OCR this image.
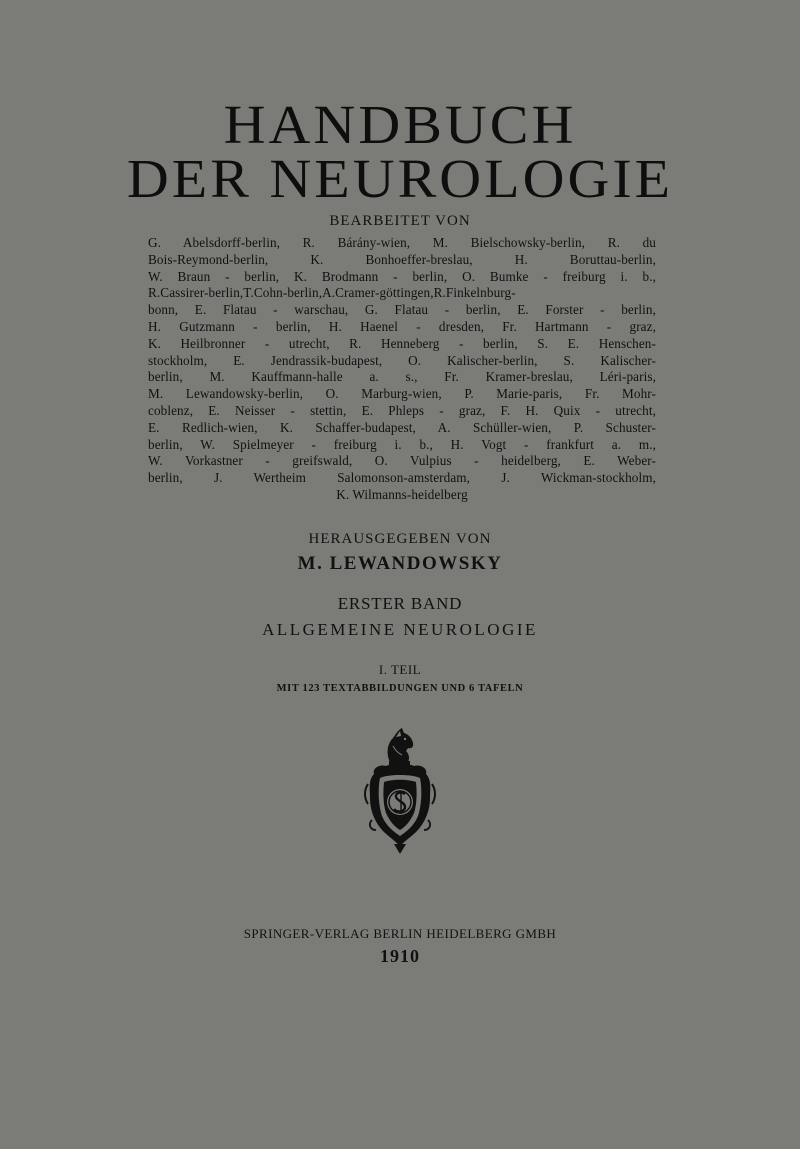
HANDBUCH
DER NEUROLOGIE
BEARBEITET VON
G. Abelsdorff-berlin, R. Bárány-wien, M. Bielschowsky-berlin, R. du
Bois-Reymond-berlin, K. Bonhoeffer-breslau, H. Boruttau-berlin,
W. Braun - berlin, K. Brodmann - berlin, O. Bumke - freiburg i. b.,
R.Cassirer-berlin,T.Cohn-berlin,A.Cramer-göttingen,R.Finkelnburg-
bonn, E. Flatau - warschau, G. Flatau - berlin, E. Forster - berlin,
H. Gutzmann - berlin, H. Haenel - dresden, Fr. Hartmann - graz,
K. Heilbronner - utrecht, R. Henneberg - berlin, S. E. Henschen-
stockholm, E. Jendrassik-budapest, O. Kalischer-berlin, S. Kalischer-
berlin, M. Kauffmann-halle a. s., Fr. Kramer-breslau, Léri-paris,
M. Lewandowsky-berlin, O. Marburg-wien, P. Marie-paris, Fr. Mohr-
coblenz, E. Neisser - stettin, E. Phleps - graz, F. H. Quix - utrecht,
E. Redlich-wien, K. Schaffer-budapest, A. Schüller-wien, P. Schuster-
berlin, W. Spielmeyer - freiburg i. b., H. Vogt - frankfurt a. m.,
W. Vorkastner - greifswald, O. Vulpius - heidelberg, E. Weber-
berlin, J. Wertheim Salomonson-amsterdam, J. Wickman-stockholm,
K. Wilmanns-heidelberg
HERAUSGEGEBEN VON
M. LEWANDOWSKY
ERSTER BAND
ALLGEMEINE NEUROLOGIE
I. TEIL
MIT 123 TEXTABBILDUNGEN UND 6 TAFELN
SPRINGER-VERLAG BERLIN HEIDELBERG GMBH
1910
